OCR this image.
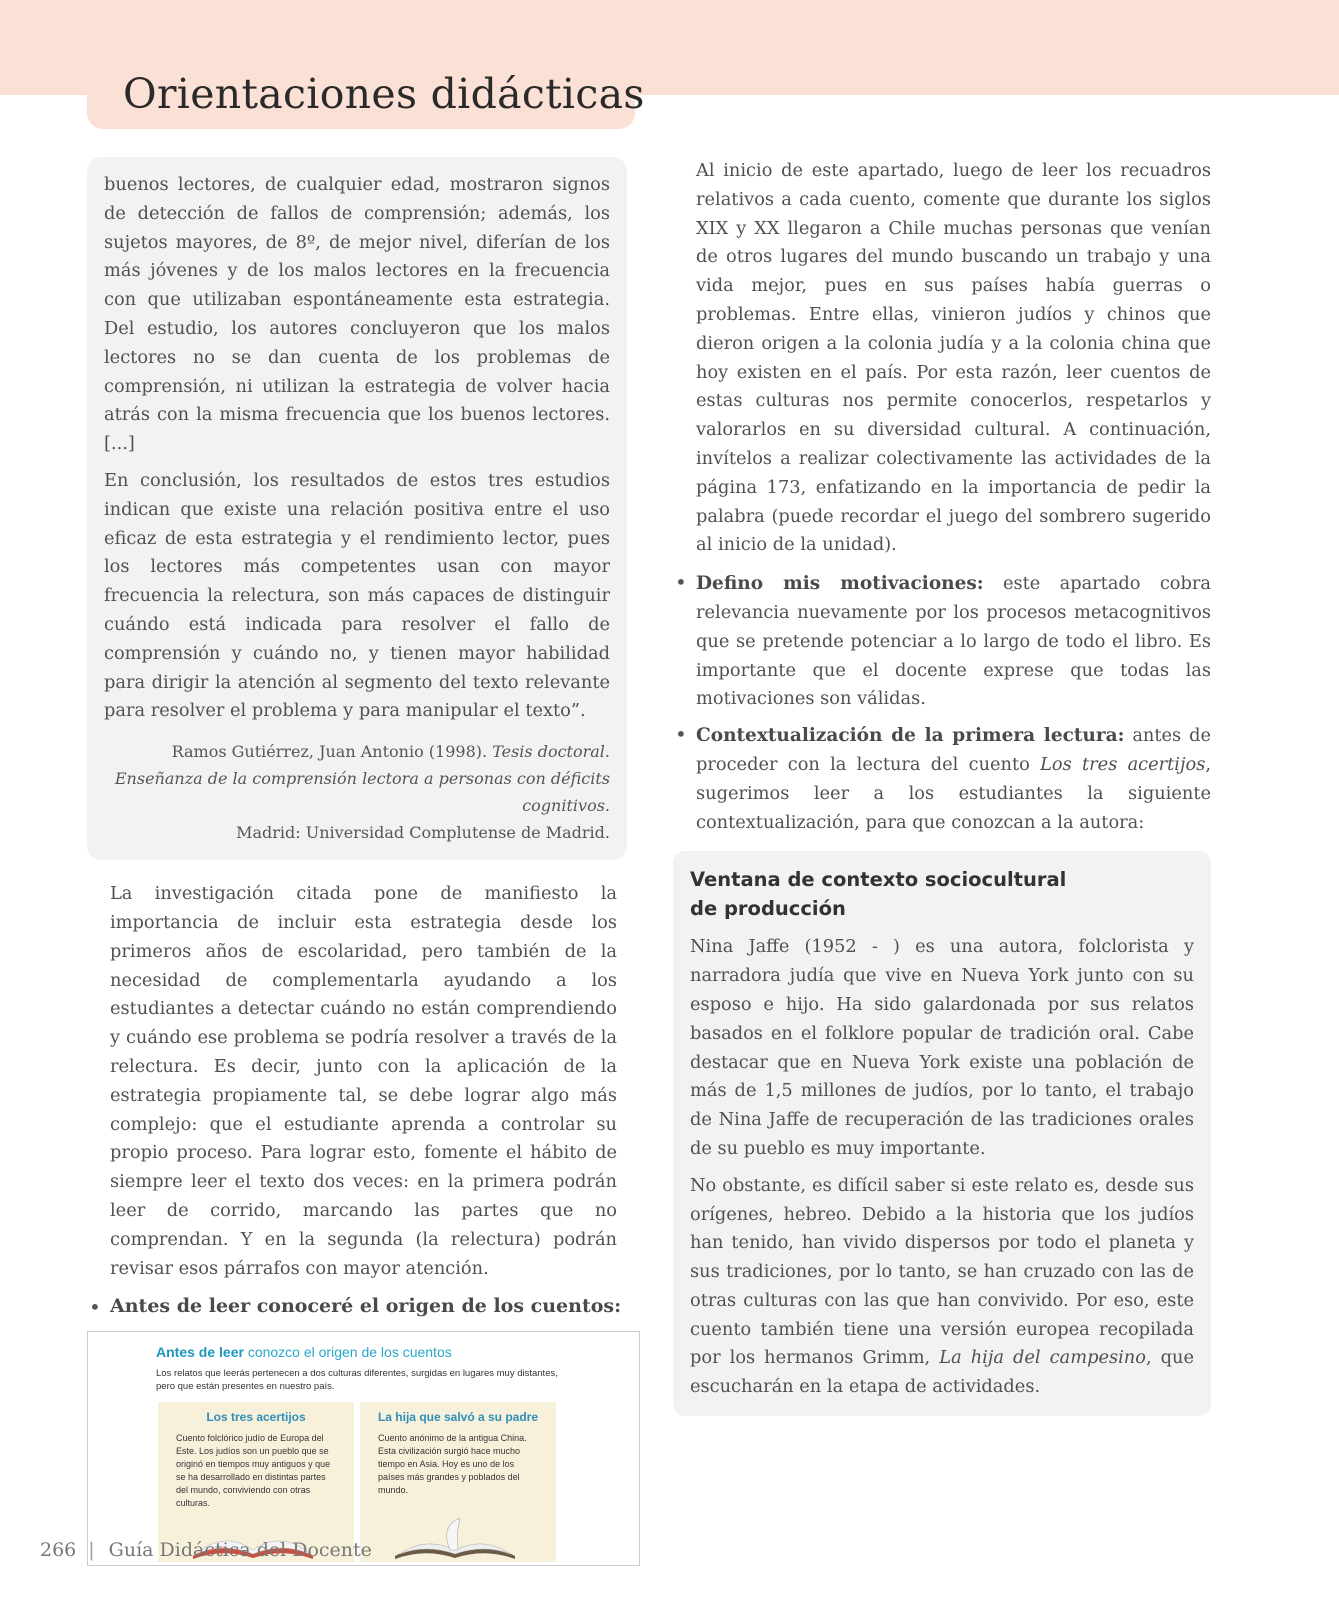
Orientaciones didácticas

buenos lectores, de cualquier edad, mostraron signos de detección de fallos de comprensión; además, los sujetos mayores, de 8º, de mejor nivel, diferían de los más jóvenes y de los malos lectores en la frecuencia con que utilizaban espontáneamente esta estrategia. Del estudio, los autores concluyeron que los malos lectores no se dan cuenta de los problemas de comprensión, ni utilizan la estrategia de volver hacia atrás con la misma frecuencia que los buenos lectores. [...]

En conclusión, los resultados de estos tres estudios indican que existe una relación positiva entre el uso eficaz de esta estrategia y el rendimiento lector, pues los lectores más competentes usan con mayor frecuencia la relectura, son más capaces de distinguir cuándo está indicada para resolver el fallo de comprensión y cuándo no, y tienen mayor habilidad para dirigir la atención al segmento del texto relevante para resolver el problema y para manipular el texto”.

Ramos Gutiérrez, Juan Antonio (1998). Tesis doctoral. Enseñanza de la comprensión lectora a personas con déficits cognitivos.
Madrid: Universidad Complutense de Madrid.

La investigación citada pone de manifiesto la importancia de incluir esta estrategia desde los primeros años de escolaridad, pero también de la necesidad de complementarla ayudando a los estudiantes a detectar cuándo no están comprendiendo y cuándo ese problema se podría resolver a través de la relectura. Es decir, junto con la aplicación de la estrategia propiamente tal, se debe lograr algo más complejo: que el estudiante aprenda a controlar su propio proceso. Para lograr esto, fomente el hábito de siempre leer el texto dos veces: en la primera podrán leer de corrido, marcando las partes que no comprendan. Y en la segunda (la relectura) podrán revisar esos párrafos con mayor atención.

• Antes de leer conoceré el origen de los cuentos:
Antes de leer conozco el origen de los cuentos
Los relatos que leerás pertenecen a dos culturas diferentes, surgidas en lugares muy distantes, pero que están presentes en nuestro país.
Los tres acertijos
Cuento folclórico judío de Europa del Este. Los judíos son un pueblo que se originó en tiempos muy antiguos y que se ha desarrollado en distintas partes del mundo, conviviendo con otras culturas.
La hija que salvó a su padre
Cuento anónimo de la antigua China. Esta civilización surgió hace mucho tiempo en Asia. Hoy es uno de los países más grandes y poblados del mundo.

Al inicio de este apartado, luego de leer los recuadros relativos a cada cuento, comente que durante los siglos XIX y XX llegaron a Chile muchas personas que venían de otros lugares del mundo buscando un trabajo y una vida mejor, pues en sus países había guerras o problemas. Entre ellas, vinieron judíos y chinos que dieron origen a la colonia judía y a la colonia china que hoy existen en el país. Por esta razón, leer cuentos de estas culturas nos permite conocerlos, respetarlos y valorarlos en su diversidad cultural. A continuación, invítelos a realizar colectivamente las actividades de la página 173, enfatizando en la importancia de pedir la palabra (puede recordar el juego del sombrero sugerido al inicio de la unidad).

• Defino mis motivaciones: este apartado cobra relevancia nuevamente por los procesos metacognitivos que se pretende potenciar a lo largo de todo el libro. Es importante que el docente exprese que todas las motivaciones son válidas.

• Contextualización de la primera lectura: antes de proceder con la lectura del cuento Los tres acertijos, sugerimos leer a los estudiantes la siguiente contextualización, para que conozcan a la autora:

Ventana de contexto sociocultural
de producción

Nina Jaffe (1952 - ) es una autora, folclorista y narradora judía que vive en Nueva York junto con su esposo e hijo. Ha sido galardonada por sus relatos basados en el folklore popular de tradición oral. Cabe destacar que en Nueva York existe una población de más de 1,5 millones de judíos, por lo tanto, el trabajo de Nina Jaffe de recuperación de las tradiciones orales de su pueblo es muy importante.

No obstante, es difícil saber si este relato es, desde sus orígenes, hebreo. Debido a la historia que los judíos han tenido, han vivido dispersos por todo el planeta y sus tradiciones, por lo tanto, se han cruzado con las de otras culturas con las que han convivido. Por eso, este cuento también tiene una versión europea recopilada por los hermanos Grimm, La hija del campesino, que escucharán en la etapa de actividades.

266 | Guía Didáctica del Docente
